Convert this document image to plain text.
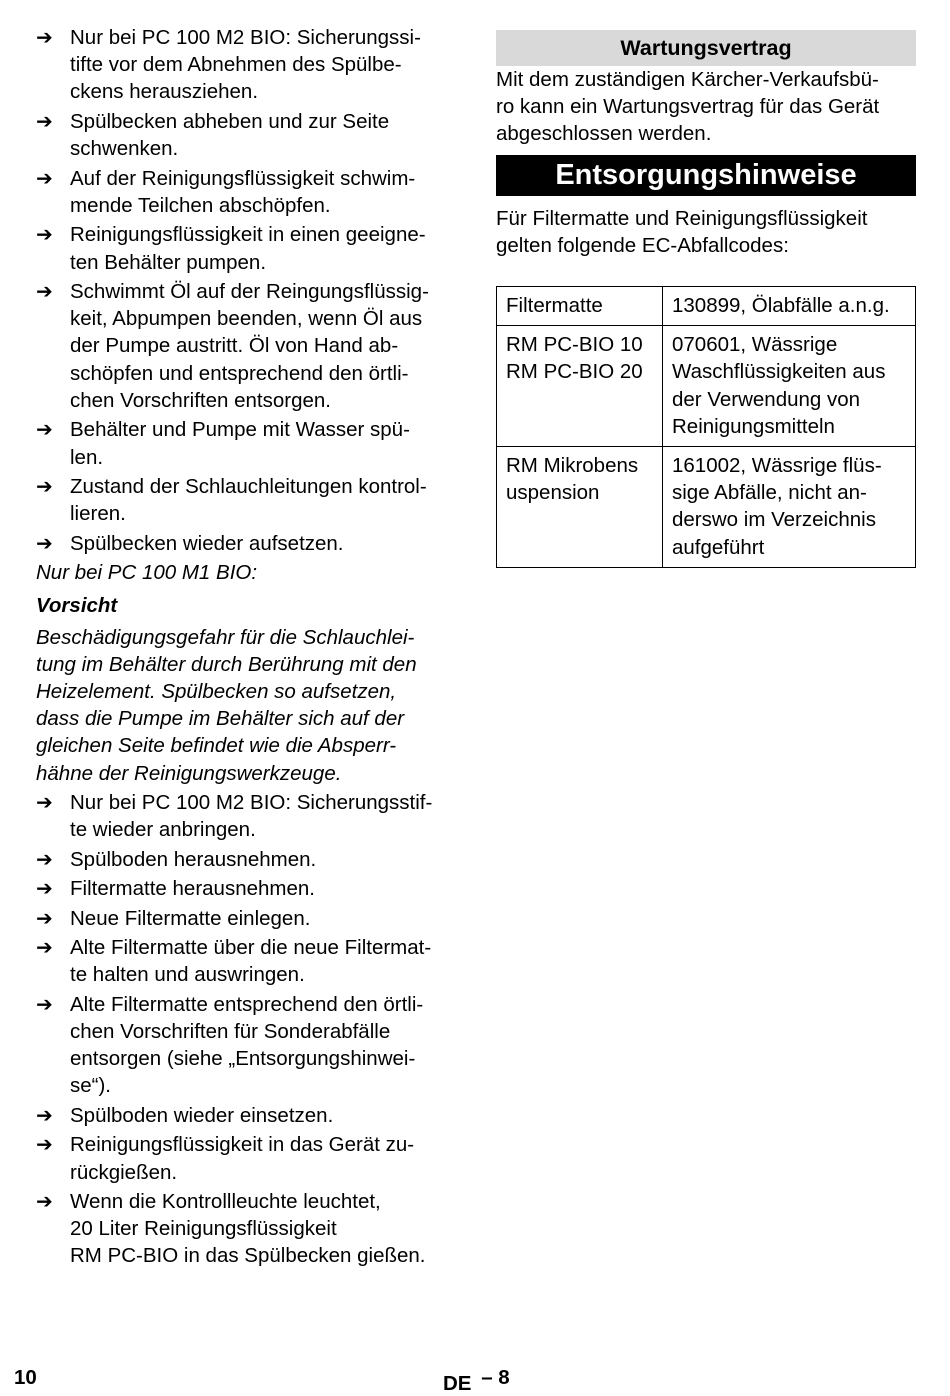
➔ Nur bei PC 100 M2 BIO: Sicherungssi-
tifte vor dem Abnehmen des Spülbe-
ckens herausziehen.
➔ Spülbecken abheben und zur Seite
schwenken.
➔ Auf der Reinigungsflüssigkeit schwim-
mende Teilchen abschöpfen.
➔ Reinigungsflüssigkeit in einen geeigne-
ten Behälter pumpen.
➔ Schwimmt Öl auf der Reingungsflüssig-
keit, Abpumpen beenden, wenn Öl aus
der Pumpe austritt. Öl von Hand ab-
schöpfen und entsprechend den örtli-
chen Vorschriften entsorgen.
➔ Behälter und Pumpe mit Wasser spü-
len.
➔ Zustand der Schlauchleitungen kontrol-
lieren.
➔ Spülbecken wieder aufsetzen.
Nur bei PC 100 M1 BIO:
Vorsicht
Beschädigungsgefahr für die Schlauchlei-
tung im Behälter durch Berührung mit den
Heizelement. Spülbecken so aufsetzen,
dass die Pumpe im Behälter sich auf der
gleichen Seite befindet wie die Absperr-
hähne der Reinigungswerkzeuge.
➔ Nur bei PC 100 M2 BIO: Sicherungsstif-
te wieder anbringen.
➔ Spülboden herausnehmen.
➔ Filtermatte herausnehmen.
➔ Neue Filtermatte einlegen.
➔ Alte Filtermatte über die neue Filtermat-
te halten und auswringen.
➔ Alte Filtermatte entsprechend den örtli-
chen Vorschriften für Sonderabfälle
entsorgen (siehe „Entsorgungshinwei-
se“).
➔ Spülboden wieder einsetzen.
➔ Reinigungsflüssigkeit in das Gerät zu-
rückgießen.
➔ Wenn die Kontrollleuchte leuchtet,
20 Liter Reinigungsflüssigkeit
RM PC-BIO in das Spülbecken gießen.
Wartungsvertrag
Mit dem zuständigen Kärcher-Verkaufsbü-
ro kann ein Wartungsvertrag für das Gerät
abgeschlossen werden.
Entsorgungshinweise
Für Filtermatte und Reinigungsflüssigkeit
gelten folgende EC-Abfallcodes:
Filtermatte	130899, Ölabfälle a.n.g.

RM PC-BIO 10
RM PC-BIO 20	070601, Wässrige
Waschflüssigkeiten aus
der Verwendung von
Reinigungsmitteln

RM Mikrobens
uspension	161002, Wässrige flüs-
sige Abfälle, nicht an-
derswo im Verzeichnis
aufgeführt
10	DE $^{- 8}$
